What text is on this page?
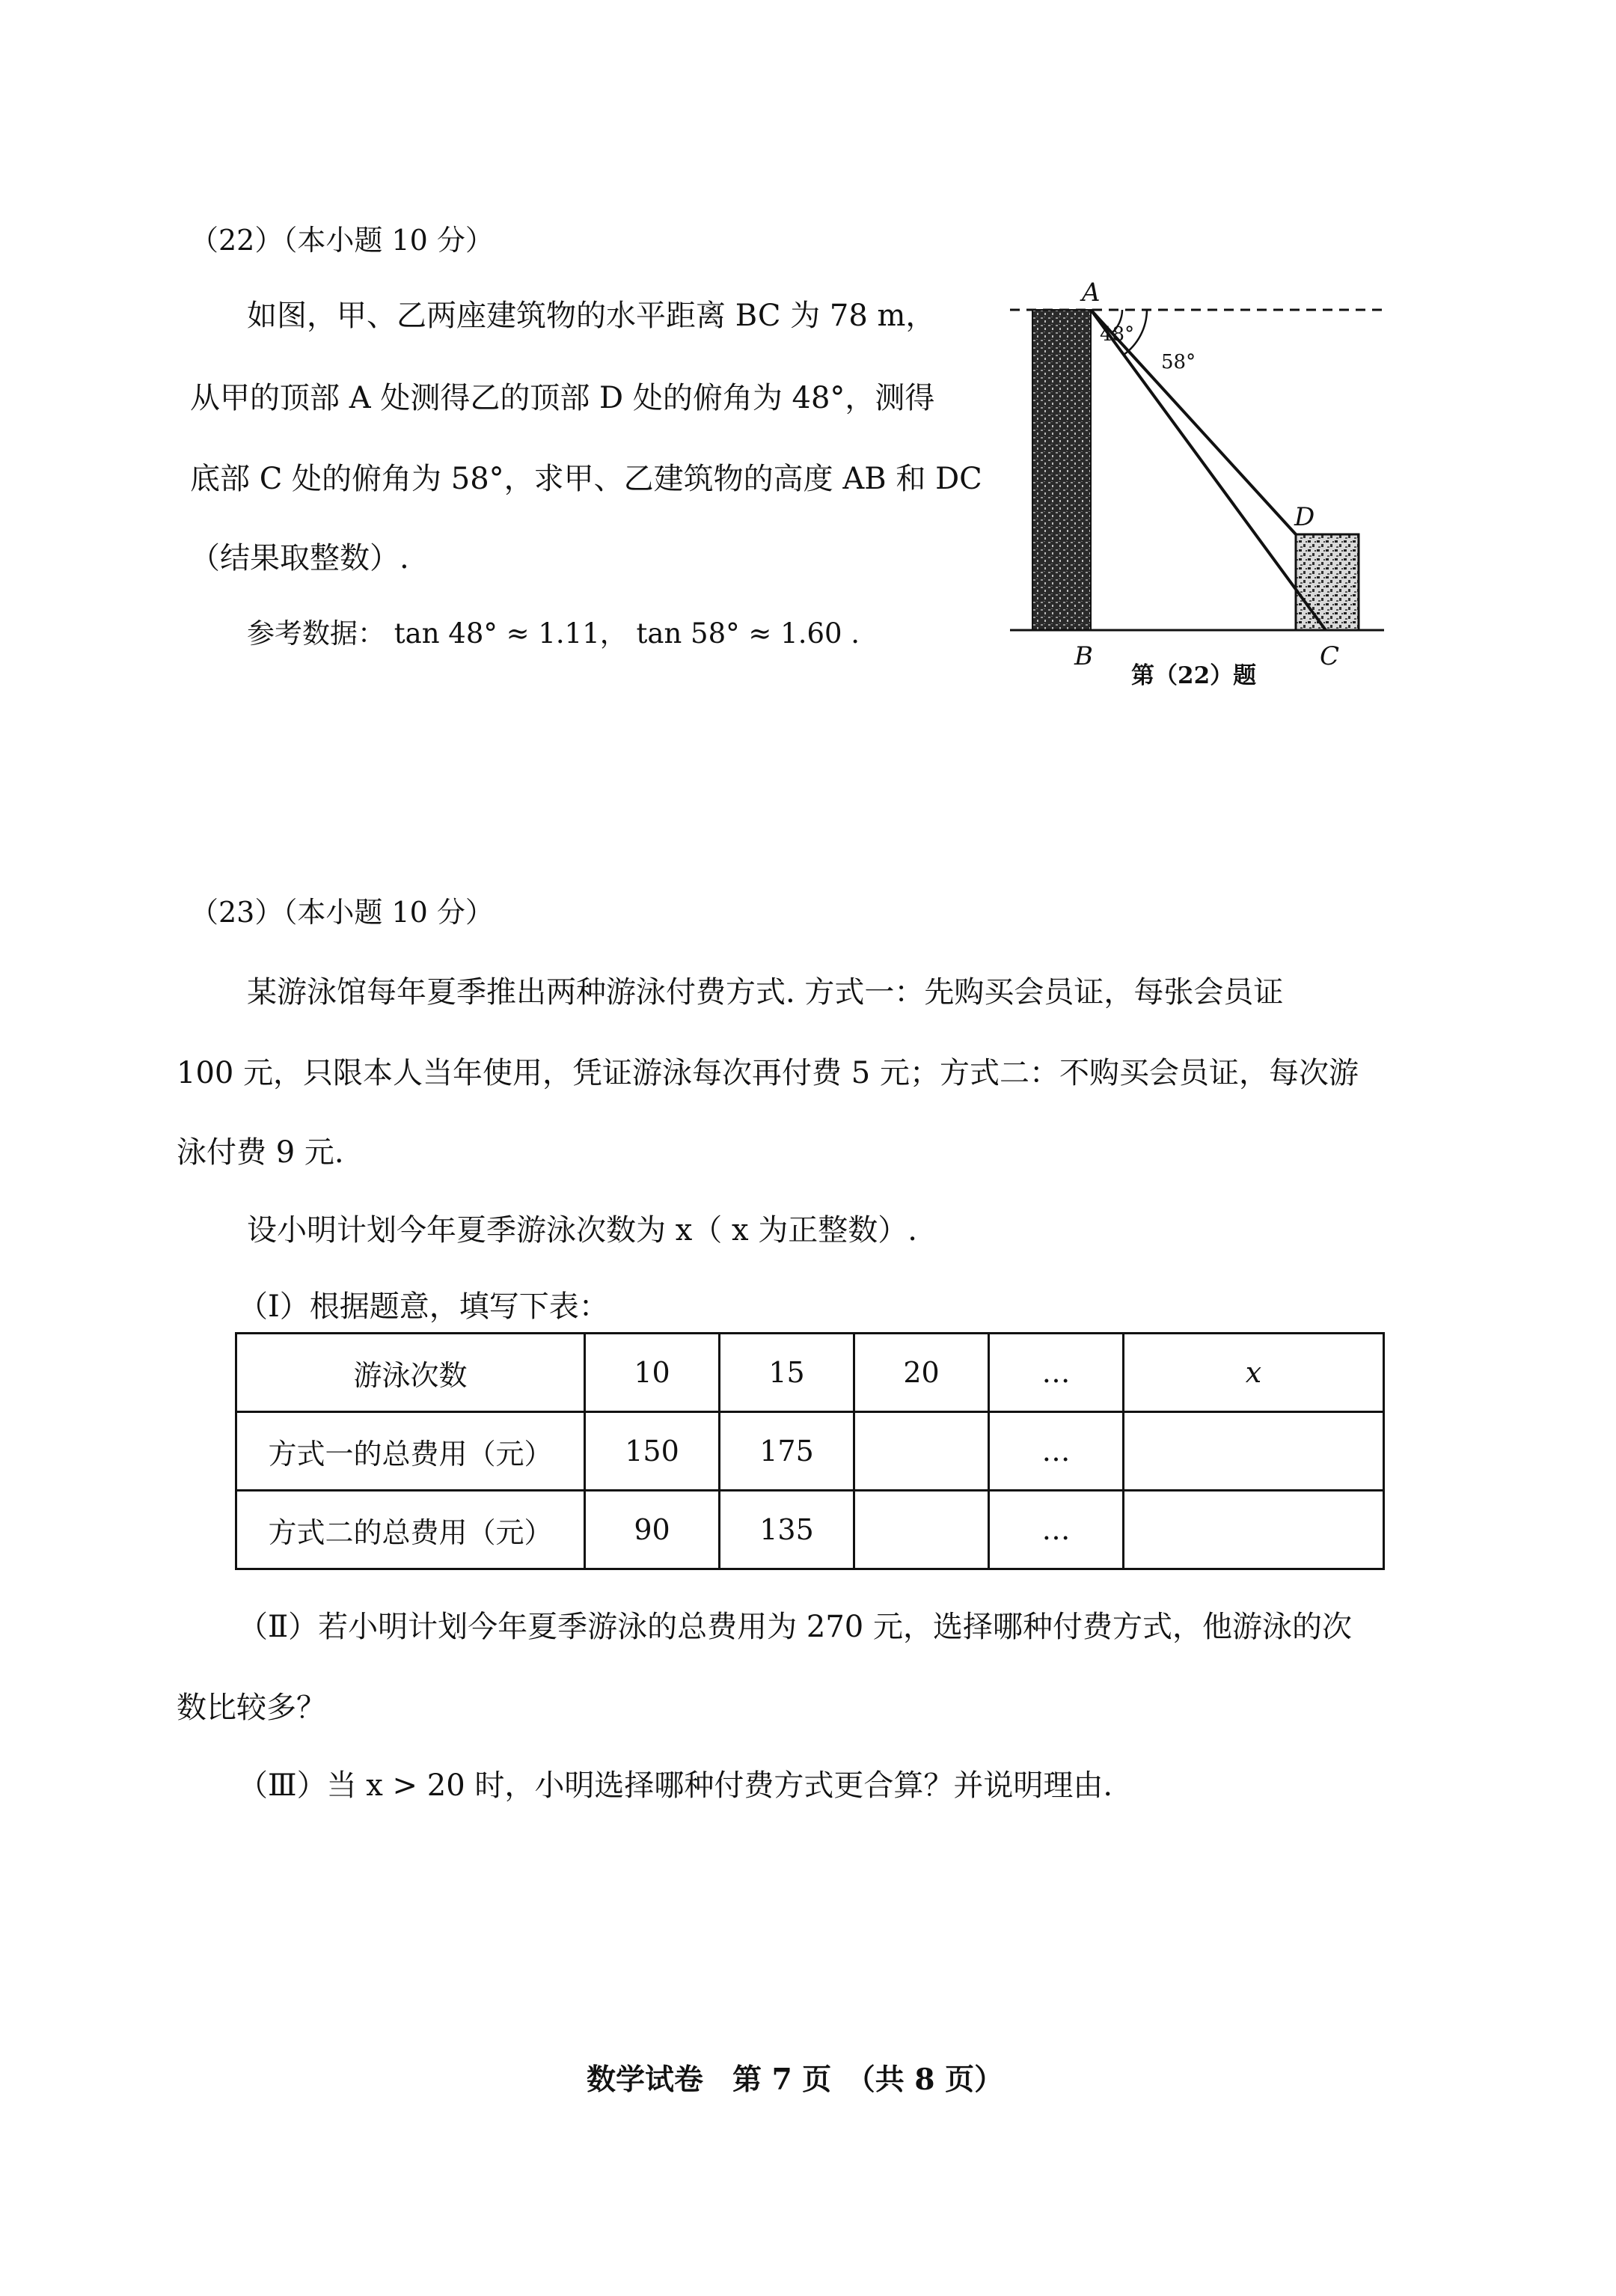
（22）（本小题 10 分）
如图，甲、乙两座建筑物的水平距离 BC 为 78 m，
从甲的顶部 A 处测得乙的顶部 D 处的俯角为 48°，测得
底部 C 处的俯角为 58°，求甲、乙建筑物的高度 AB 和 DC
（结果取整数）.
参考数据： tan 48° ≈ 1.11， tan 58° ≈ 1.60 .
A
B	C
D
48°
58°
第（22）题
（23）（本小题 10 分）
某游泳馆每年夏季推出两种游泳付费方式. 方式一：先购买会员证，每张会员证
100 元，只限本人当年使用，凭证游泳每次再付费 5 元；方式二：不购买会员证，每次游
泳付费 9 元.
设小明计划今年夏季游泳次数为 x（ x 为正整数）.
（Ⅰ）根据题意，填写下表：
游泳次数	10	15	20	…	x
方式一的总费用（元）	150	175		…	
方式二的总费用（元）	90	135		…	
（Ⅱ）若小明计划今年夏季游泳的总费用为 270 元，选择哪种付费方式，他游泳的次
数比较多？
（Ⅲ）当 x > 20 时，小明选择哪种付费方式更合算？并说明理由.
数学试卷　第 7 页　（共 8 页）
